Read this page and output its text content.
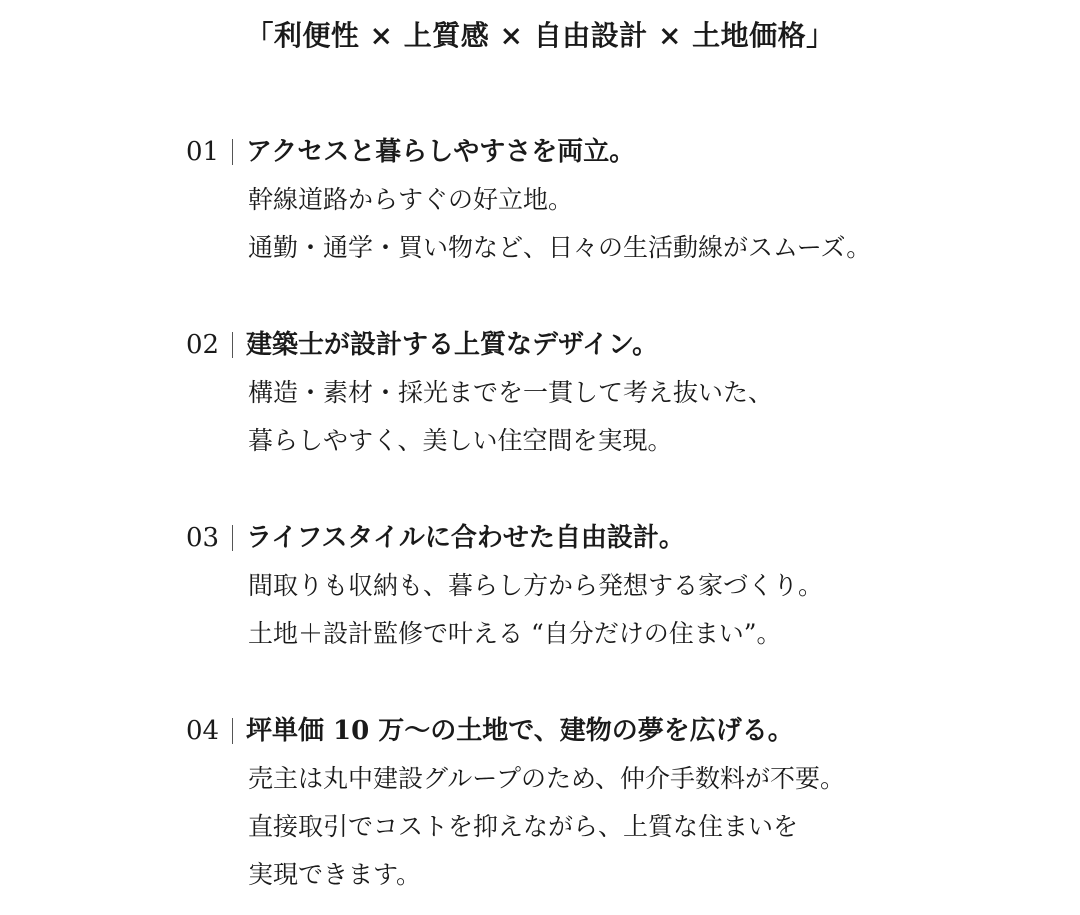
「利便性 × 上質感 × 自由設計 × 土地価格」
01 アクセスと暮らしやすさを両立。

幹線道路からすぐの好立地。
通勤・通学・買い物など、日々の生活動線がスムーズ。

02 建築士が設計する上質なデザイン。

構造・素材・採光までを一貫して考え抜いた、
暮らしやすく、美しい住空間を実現。

03 ライフスタイルに合わせた自由設計。

間取りも収納も、暮らし方から発想する家づくり。
土地＋設計監修で叶える “自分だけの住まい”。

04 坪単価 10 万〜の土地で、建物の夢を広げる。

売主は丸中建設グループのため、仲介手数料が不要。
直接取引でコストを抑えながら、上質な住まいを
実現できます。
